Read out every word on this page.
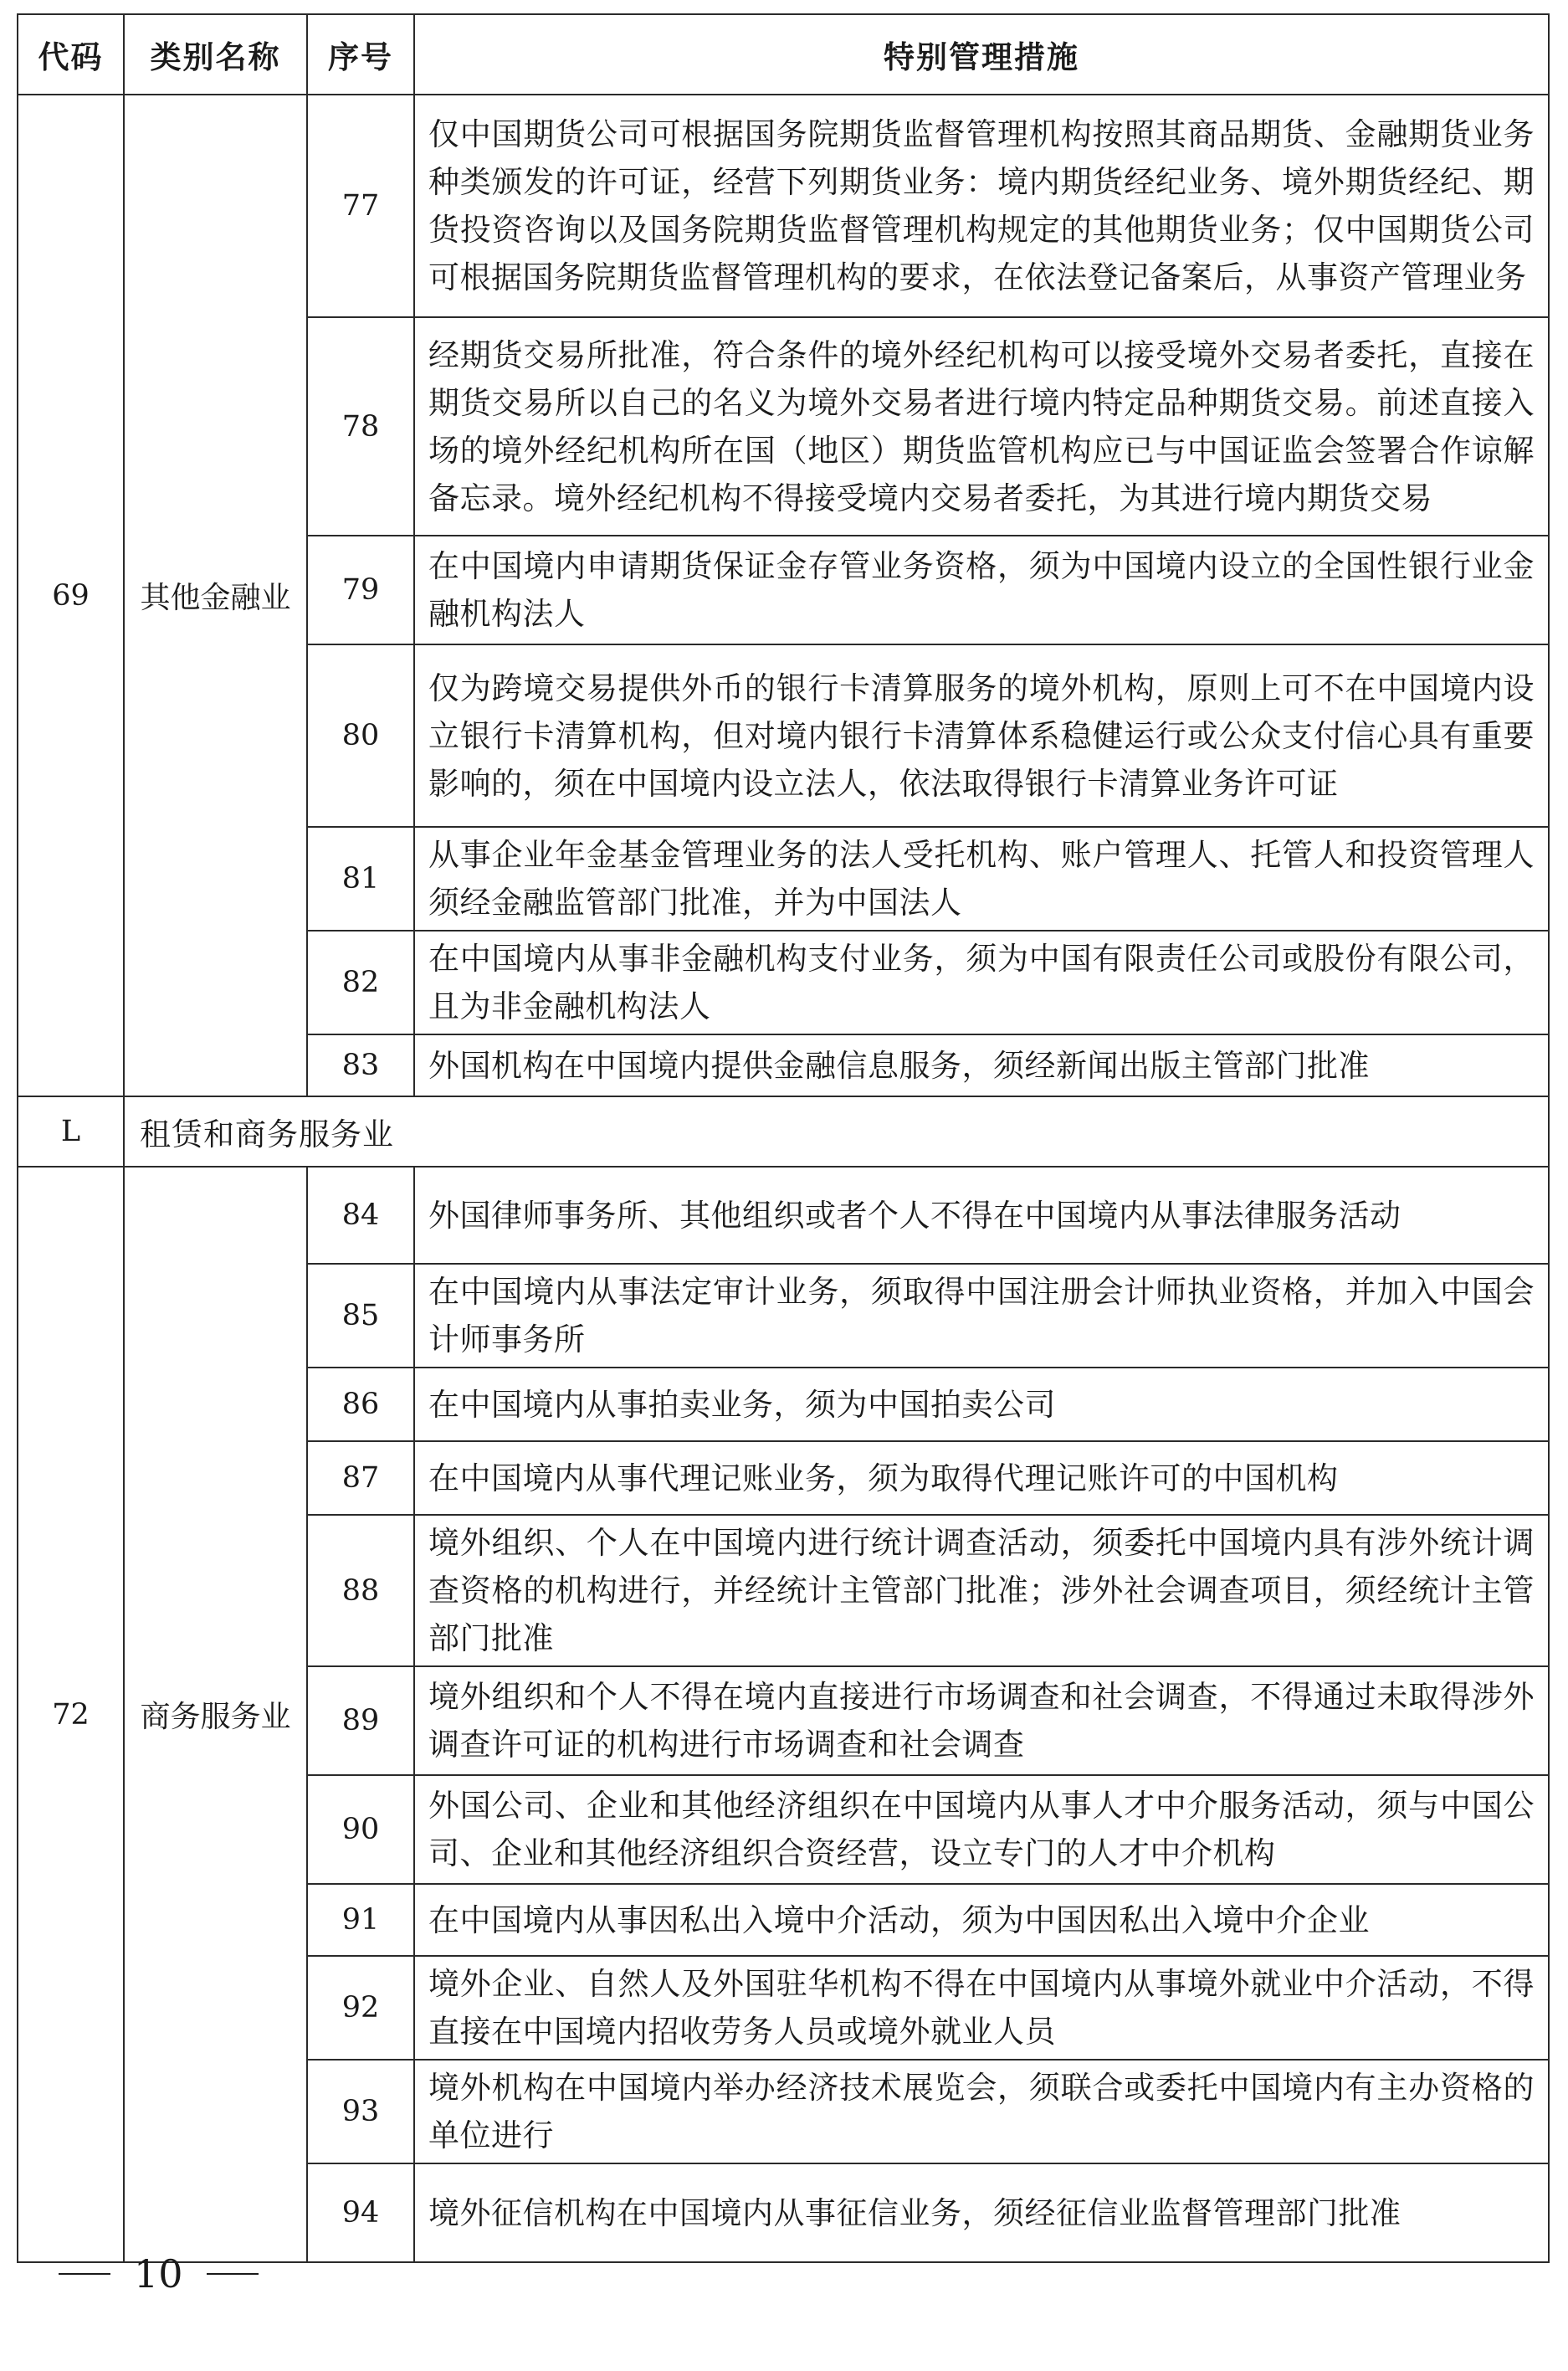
代码	类别名称	序号	特别管理措施
69	其他金融业	77	仅中国期货公司可根据国务院期货监督管理机构按照其商品期货、金融期货业务种类颁发的许可证，经营下列期货业务：境内期货经纪业务、境外期货经纪、期货投资咨询以及国务院期货监督管理机构规定的其他期货业务；仅中国期货公司可根据国务院期货监督管理机构的要求，在依法登记备案后，从事资产管理业务
		78	经期货交易所批准，符合条件的境外经纪机构可以接受境外交易者委托，直接在期货交易所以自己的名义为境外交易者进行境内特定品种期货交易。前述直接入场的境外经纪机构所在国（地区）期货监管机构应已与中国证监会签署合作谅解备忘录。境外经纪机构不得接受境内交易者委托，为其进行境内期货交易
		79	在中国境内申请期货保证金存管业务资格，须为中国境内设立的全国性银行业金融机构法人
		80	仅为跨境交易提供外币的银行卡清算服务的境外机构，原则上可不在中国境内设立银行卡清算机构，但对境内银行卡清算体系稳健运行或公众支付信心具有重要影响的，须在中国境内设立法人，依法取得银行卡清算业务许可证
		81	从事企业年金基金管理业务的法人受托机构、账户管理人、托管人和投资管理人须经金融监管部门批准，并为中国法人
		82	在中国境内从事非金融机构支付业务，须为中国有限责任公司或股份有限公司，且为非金融机构法人
		83	外国机构在中国境内提供金融信息服务，须经新闻出版主管部门批准
L	租赁和商务服务业		
72	商务服务业	84	外国律师事务所、其他组织或者个人不得在中国境内从事法律服务活动
		85	在中国境内从事法定审计业务，须取得中国注册会计师执业资格，并加入中国会计师事务所
		86	在中国境内从事拍卖业务，须为中国拍卖公司
		87	在中国境内从事代理记账业务，须为取得代理记账许可的中国机构
		88	境外组织、个人在中国境内进行统计调查活动，须委托中国境内具有涉外统计调查资格的机构进行，并经统计主管部门批准；涉外社会调查项目，须经统计主管部门批准
		89	境外组织和个人不得在境内直接进行市场调查和社会调查，不得通过未取得涉外调查许可证的机构进行市场调查和社会调查
		90	外国公司、企业和其他经济组织在中国境内从事人才中介服务活动，须与中国公司、企业和其他经济组织合资经营，设立专门的人才中介机构
		91	在中国境内从事因私出入境中介活动，须为中国因私出入境中介企业
		92	境外企业、自然人及外国驻华机构不得在中国境内从事境外就业中介活动，不得直接在中国境内招收劳务人员或境外就业人员
		93	境外机构在中国境内举办经济技术展览会，须联合或委托中国境内有主办资格的单位进行
		94	境外征信机构在中国境内从事征信业务，须经征信业监督管理部门批准
10
